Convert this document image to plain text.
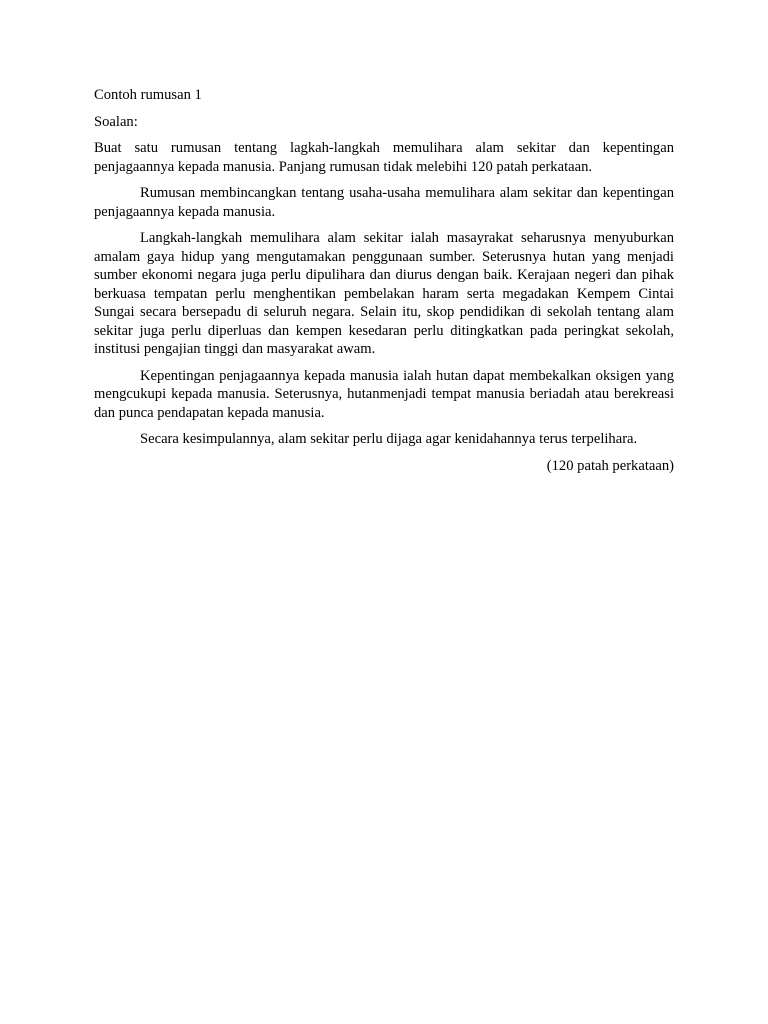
Contoh rumusan 1

Soalan:

Buat satu rumusan tentang lagkah-langkah memulihara alam sekitar dan kepentingan penjagaannya kepada manusia. Panjang rumusan tidak melebihi 120 patah perkataan.

Rumusan membincangkan tentang usaha-usaha memulihara alam sekitar dan kepentingan penjagaannya kepada manusia.

Langkah-langkah memulihara alam sekitar ialah masayrakat seharusnya menyuburkan amalam gaya hidup yang mengutamakan penggunaan sumber. Seterusnya hutan yang menjadi sumber ekonomi negara juga perlu dipulihara dan diurus dengan baik. Kerajaan negeri dan pihak berkuasa tempatan perlu menghentikan pembelakan haram serta megadakan Kempem Cintai Sungai secara bersepadu di seluruh negara. Selain itu, skop pendidikan di sekolah tentang alam sekitar juga perlu diperluas dan kempen kesedaran perlu ditingkatkan pada peringkat sekolah, institusi pengajian tinggi dan masyarakat awam.

Kepentingan penjagaannya kepada manusia ialah hutan dapat membekalkan oksigen yang mengcukupi kepada manusia. Seterusnya, hutanmenjadi tempat manusia beriadah atau berekreasi dan punca pendapatan kepada manusia.

Secara kesimpulannya, alam sekitar perlu dijaga agar kenidahannya terus terpelihara.

(120 patah perkataan)
